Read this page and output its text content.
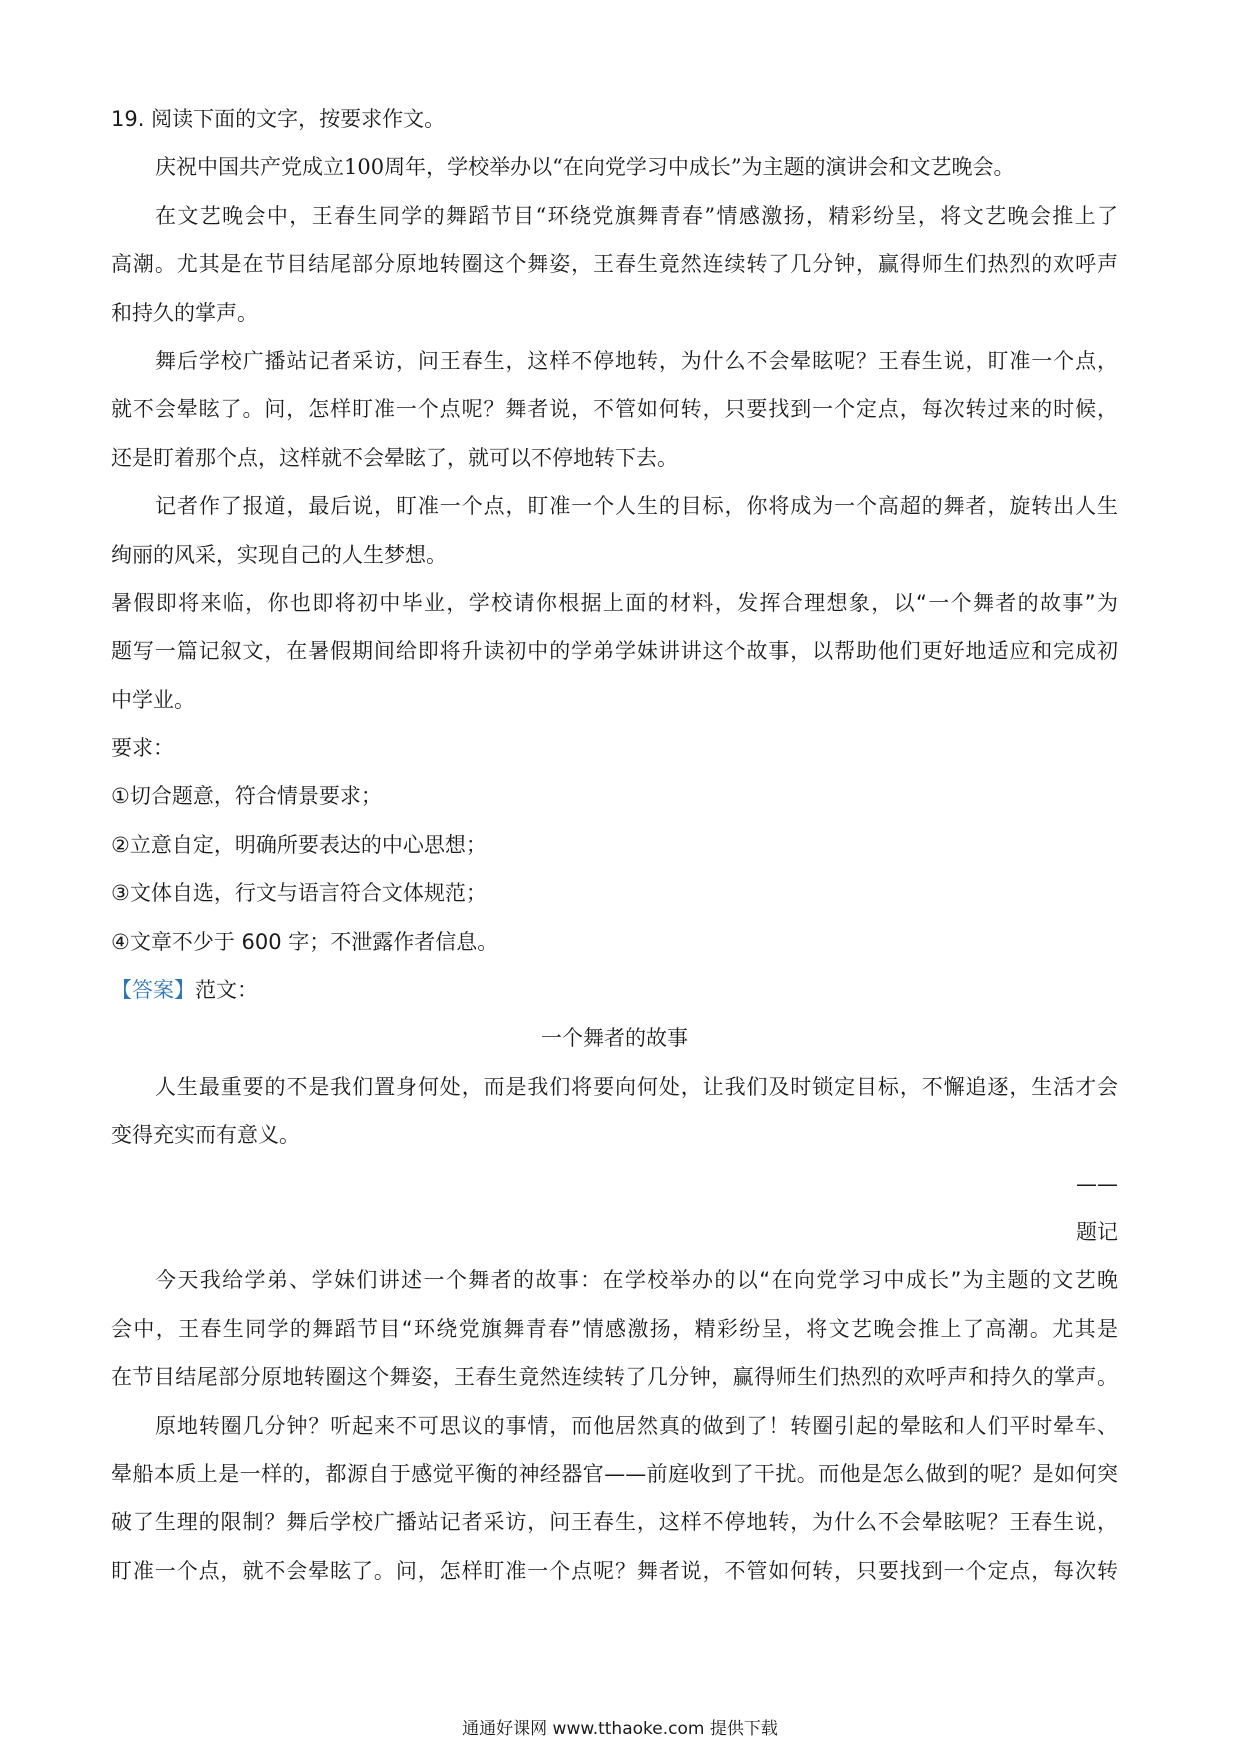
19. 阅读下面的文字，按要求作文。
庆祝中国共产党成立100周年，学校举办以“在向党学习中成长”为主题的演讲会和文艺晚会。
在文艺晚会中，王春生同学的舞蹈节目“环绕党旗舞青春”情感激扬，精彩纷呈，将文艺晚会推上了
高潮。尤其是在节目结尾部分原地转圈这个舞姿，王春生竟然连续转了几分钟，赢得师生们热烈的欢呼声
和持久的掌声。
舞后学校广播站记者采访，问王春生，这样不停地转，为什么不会晕眩呢？王春生说，盯准一个点，
就不会晕眩了。问，怎样盯准一个点呢？舞者说，不管如何转，只要找到一个定点，每次转过来的时候，
还是盯着那个点，这样就不会晕眩了，就可以不停地转下去。
记者作了报道，最后说，盯准一个点，盯准一个人生的目标，你将成为一个高超的舞者，旋转出人生
绚丽的风采，实现自己的人生梦想。
暑假即将来临，你也即将初中毕业，学校请你根据上面的材料，发挥合理想象，以“一个舞者的故事”为
题写一篇记叙文，在暑假期间给即将升读初中的学弟学妹讲讲这个故事，以帮助他们更好地适应和完成初
中学业。
要求：
①切合题意，符合情景要求；
②立意自定，明确所要表达的中心思想；
③文体自选，行文与语言符合文体规范；
④文章不少于 600 字；不泄露作者信息。
【答案】范文：
一个舞者的故事
人生最重要的不是我们置身何处，而是我们将要向何处，让我们及时锁定目标，不懈追逐，生活才会
变得充实而有意义。
——
题记
今天我给学弟、学妹们讲述一个舞者的故事：在学校举办的以“在向党学习中成长”为主题的文艺晚
会中，王春生同学的舞蹈节目“环绕党旗舞青春”情感激扬，精彩纷呈，将文艺晚会推上了高潮。尤其是
在节目结尾部分原地转圈这个舞姿，王春生竟然连续转了几分钟，赢得师生们热烈的欢呼声和持久的掌声。
原地转圈几分钟？听起来不可思议的事情，而他居然真的做到了！转圈引起的晕眩和人们平时晕车、
晕船本质上是一样的，都源自于感觉平衡的神经器官——前庭收到了干扰。而他是怎么做到的呢？是如何突
破了生理的限制？舞后学校广播站记者采访，问王春生，这样不停地转，为什么不会晕眩呢？王春生说，
盯准一个点，就不会晕眩了。问，怎样盯准一个点呢？舞者说，不管如何转，只要找到一个定点，每次转
通通好课网 www.tthaoke.com 提供下载
